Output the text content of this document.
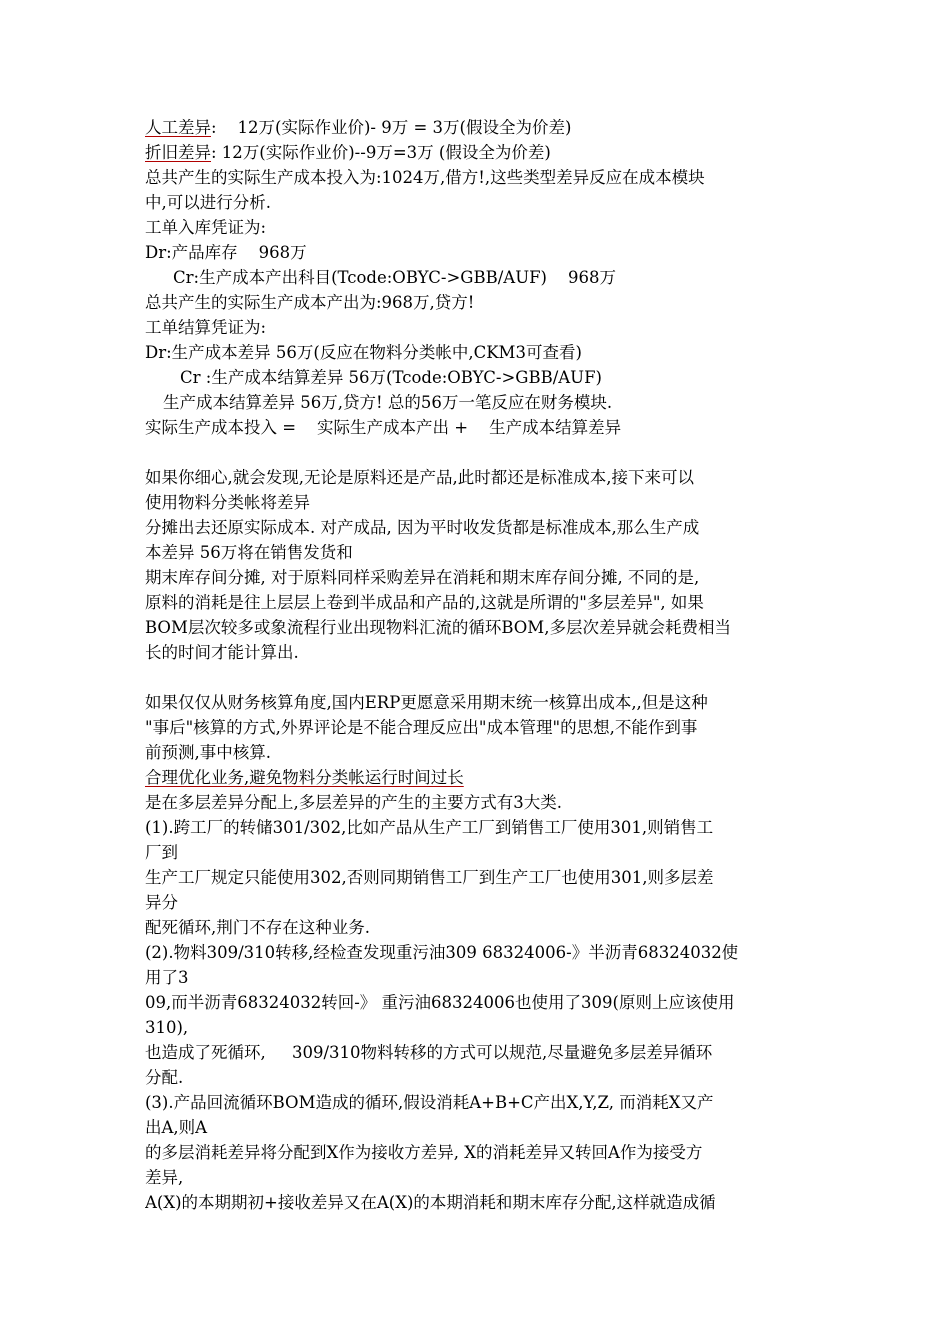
人工差异:    12万(实际作业价)- 9万 = 3万(假设全为价差)
折旧差异: 12万(实际作业价)--9万=3万 (假设全为价差)
总共产生的实际生产成本投入为:1024万,借方!,这些类型差异反应在成本模块
中,可以进行分析.
工单入库凭证为:
Dr:产品库存    968万
Cr:生产成本产出科目(Tcode:OBYC->GBB/AUF)    968万
总共产生的实际生产成本产出为:968万,贷方!
工单结算凭证为:
Dr:生产成本差异 56万(反应在物料分类帐中,CKM3可查看)
Cr :生产成本结算差异 56万(Tcode:OBYC->GBB/AUF)
生产成本结算差异 56万,贷方! 总的56万一笔反应在财务模块.
实际生产成本投入 =    实际生产成本产出 +    生产成本结算差异
如果你细心,就会发现,无论是原料还是产品,此时都还是标准成本,接下来可以
使用物料分类帐将差异
分摊出去还原实际成本. 对产成品, 因为平时收发货都是标准成本,那么生产成
本差异 56万将在销售发货和
期末库存间分摊, 对于原料同样采购差异在消耗和期末库存间分摊, 不同的是,
原料的消耗是往上层层上卷到半成品和产品的,这就是所谓的"多层差异", 如果
BOM层次较多或象流程行业出现物料汇流的循环BOM,多层次差异就会耗费相当
长的时间才能计算出.
如果仅仅从财务核算角度,国内ERP更愿意采用期末统一核算出成本,,但是这种
"事后"核算的方式,外界评论是不能合理反应出"成本管理"的思想,不能作到事
前预测,事中核算.
合理优化业务,避免物料分类帐运行时间过长
是在多层差异分配上,多层差异的产生的主要方式有3大类.
(1).跨工厂的转储301/302,比如产品从生产工厂到销售工厂使用301,则销售工
厂到
生产工厂规定只能使用302,否则同期销售工厂到生产工厂也使用301,则多层差
异分
配死循环,荆门不存在这种业务.
(2).物料309/310转移,经检查发现重污油309 68324006-》半沥青68324032使
用了3
09,而半沥青68324032转回-》 重污油68324006也使用了309(原则上应该使用
310),
也造成了死循环,     309/310物料转移的方式可以规范,尽量避免多层差异循环
分配.
(3).产品回流循环BOM造成的循环,假设消耗A+B+C产出X,Y,Z, 而消耗X又产
出A,则A
的多层消耗差异将分配到X作为接收方差异, X的消耗差异又转回A作为接受方
差异,
A(X)的本期期初+接收差异又在A(X)的本期消耗和期末库存分配,这样就造成循
